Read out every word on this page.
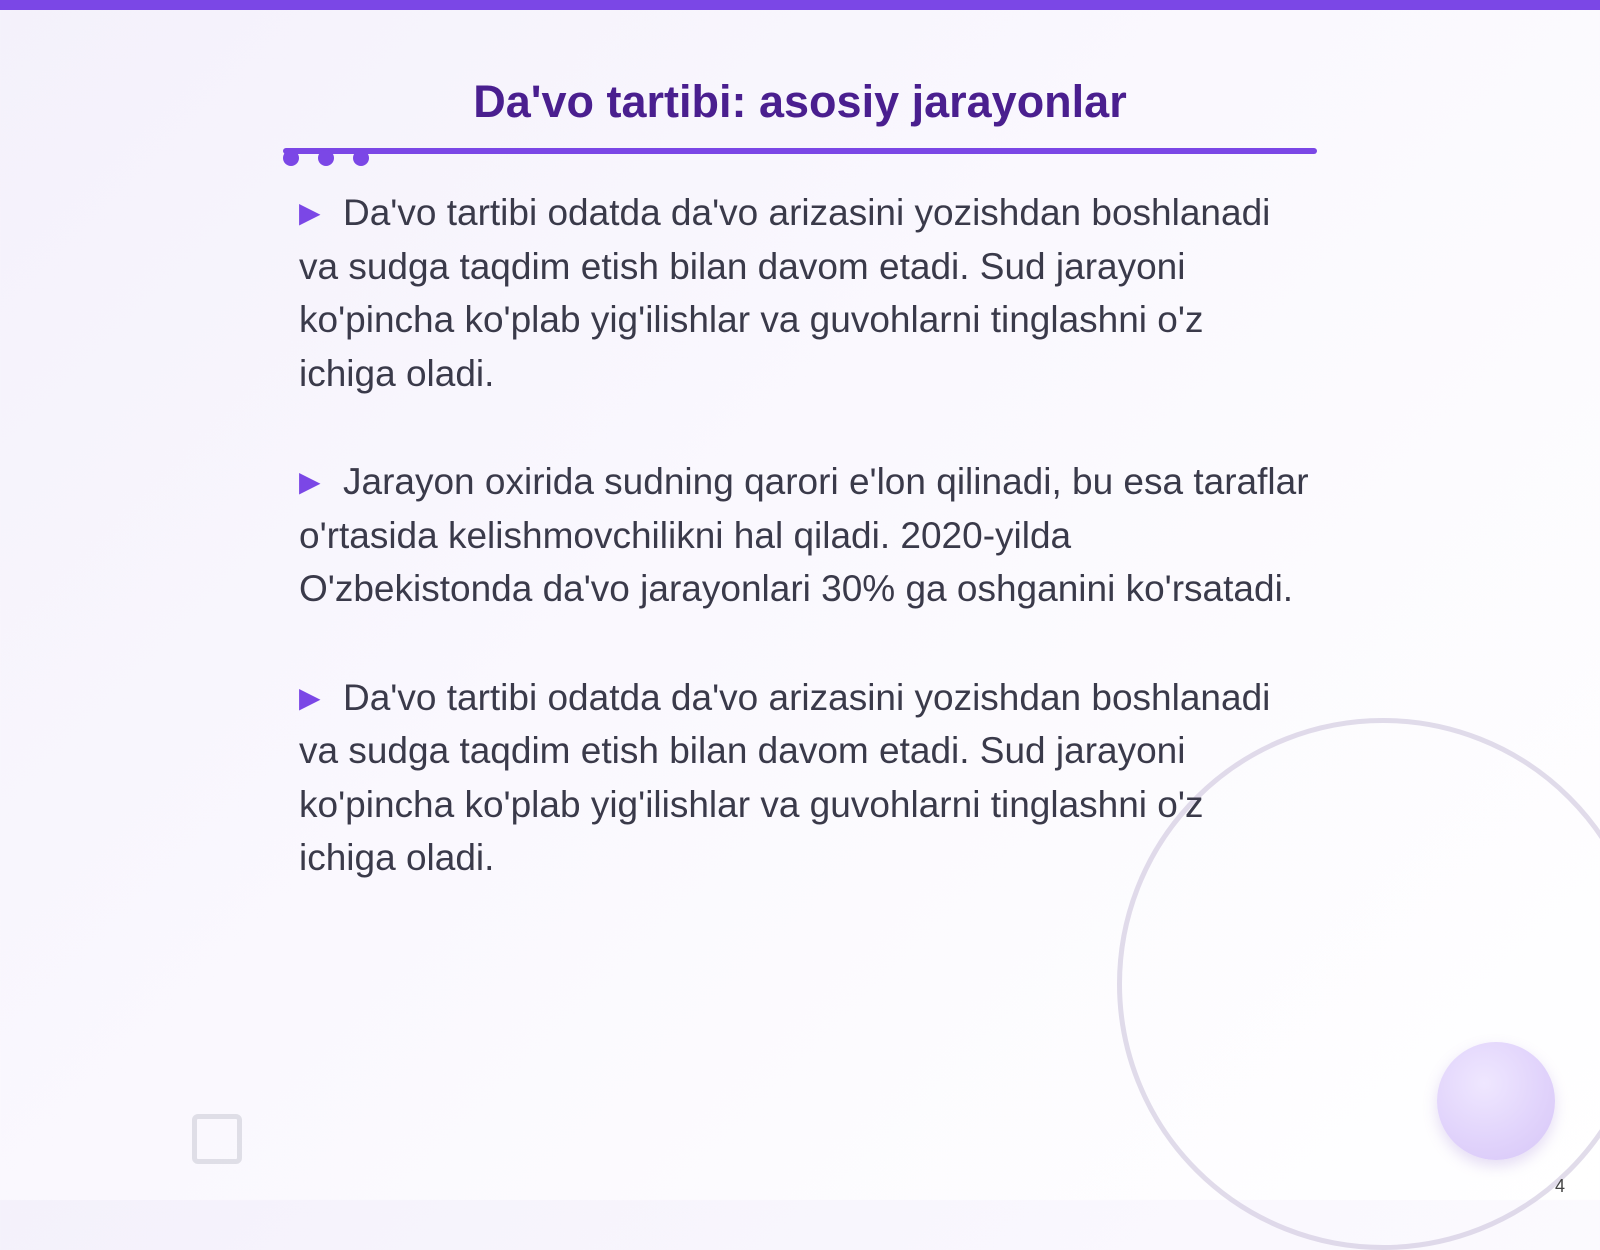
Da'vo tartibi: asosiy jarayonlar

▶ Da'vo tartibi odatda da'vo arizasini yozishdan boshlanadi va sudga taqdim etish bilan davom etadi. Sud jarayoni ko'pincha ko'plab yig'ilishlar va guvohlarni tinglashni o'z ichiga oladi.

▶ Jarayon oxirida sudning qarori e'lon qilinadi, bu esa taraflar o'rtasida kelishmovchilikni hal qiladi. 2020-yilda O'zbekistonda da'vo jarayonlari 30% ga oshganini ko'rsatadi.

▶ Da'vo tartibi odatda da'vo arizasini yozishdan boshlanadi va sudga taqdim etish bilan davom etadi. Sud jarayoni ko'pincha ko'plab yig'ilishlar va guvohlarni tinglashni o'z ichiga oladi.

4
